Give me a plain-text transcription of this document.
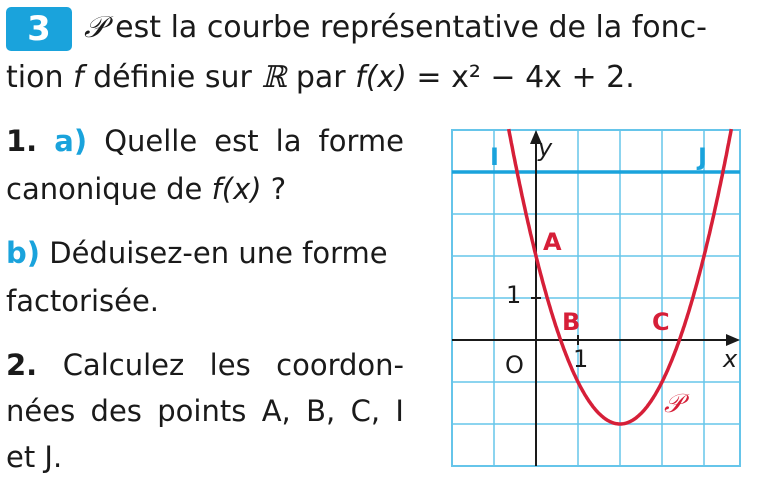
3	𝒫 est la courbe représentative de la fonc-
tion f définie sur ℝ par f(x) = x² − 4x + 2.
1. a) Quelle est la forme
canonique de f(x) ?
b) Déduisez-en une forme
factorisée.
2. Calculez les coordon-
nées des points A, B, C, I
et J.
y
x
O 1
1
A
B	C
I	J
𝒫
